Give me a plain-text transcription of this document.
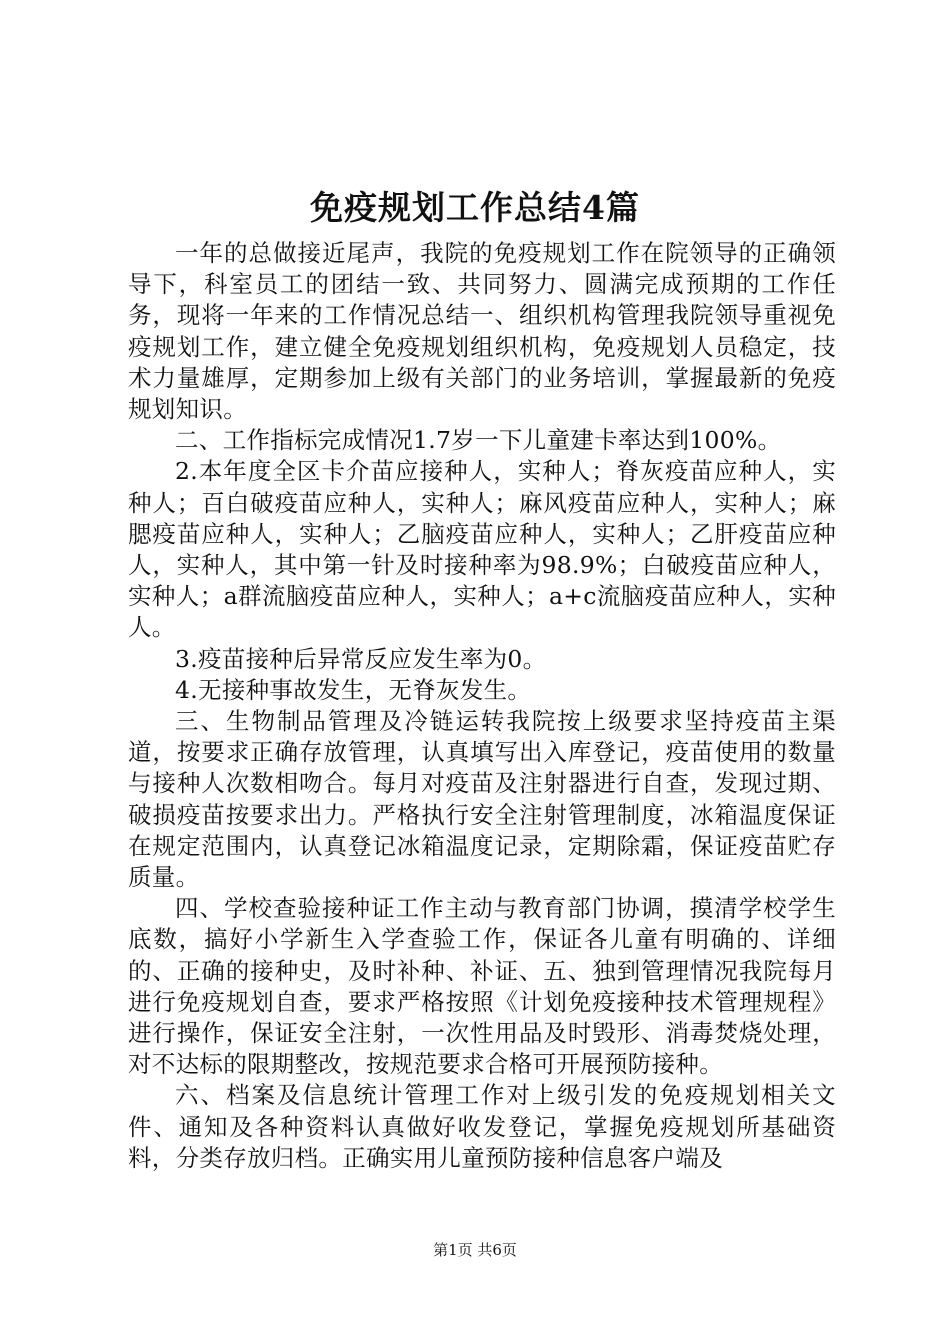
免疫规划工作总结4篇

一年的总做接近尾声，我院的免疫规划工作在院领导的正确领导下，科室员工的团结一致、共同努力、圆满完成预期的工作任务，现将一年来的工作情况总结一、组织机构管理我院领导重视免疫规划工作，建立健全免疫规划组织机构，免疫规划人员稳定，技术力量雄厚，定期参加上级有关部门的业务培训，掌握最新的免疫规划知识。

二、工作指标完成情况1.7岁一下儿童建卡率达到100%。

2.本年度全区卡介苗应接种人，实种人；脊灰疫苗应种人，实种人；百白破疫苗应种人，实种人；麻风疫苗应种人，实种人；麻腮疫苗应种人，实种人；乙脑疫苗应种人，实种人；乙肝疫苗应种人，实种人，其中第一针及时接种率为98.9%；白破疫苗应种人，实种人；a群流脑疫苗应种人，实种人；a+c流脑疫苗应种人，实种人。

3.疫苗接种后异常反应发生率为0。

4.无接种事故发生，无脊灰发生。

三、生物制品管理及冷链运转我院按上级要求坚持疫苗主渠道，按要求正确存放管理，认真填写出入库登记，疫苗使用的数量与接种人次数相吻合。每月对疫苗及注射器进行自查，发现过期、破损疫苗按要求出力。严格执行安全注射管理制度，冰箱温度保证在规定范围内，认真登记冰箱温度记录，定期除霜，保证疫苗贮存质量。

四、学校查验接种证工作主动与教育部门协调，摸清学校学生底数，搞好小学新生入学查验工作，保证各儿童有明确的、详细的、正确的接种史，及时补种、补证、五、独到管理情况我院每月进行免疫规划自查，要求严格按照《计划免疫接种技术管理规程》进行操作，保证安全注射，一次性用品及时毁形、消毒焚烧处理，对不达标的限期整改，按规范要求合格可开展预防接种。

六、档案及信息统计管理工作对上级引发的免疫规划相关文件、通知及各种资料认真做好收发登记，掌握免疫规划所基础资料，分类存放归档。正确实用儿童预防接种信息客户端及

第1页 共6页
